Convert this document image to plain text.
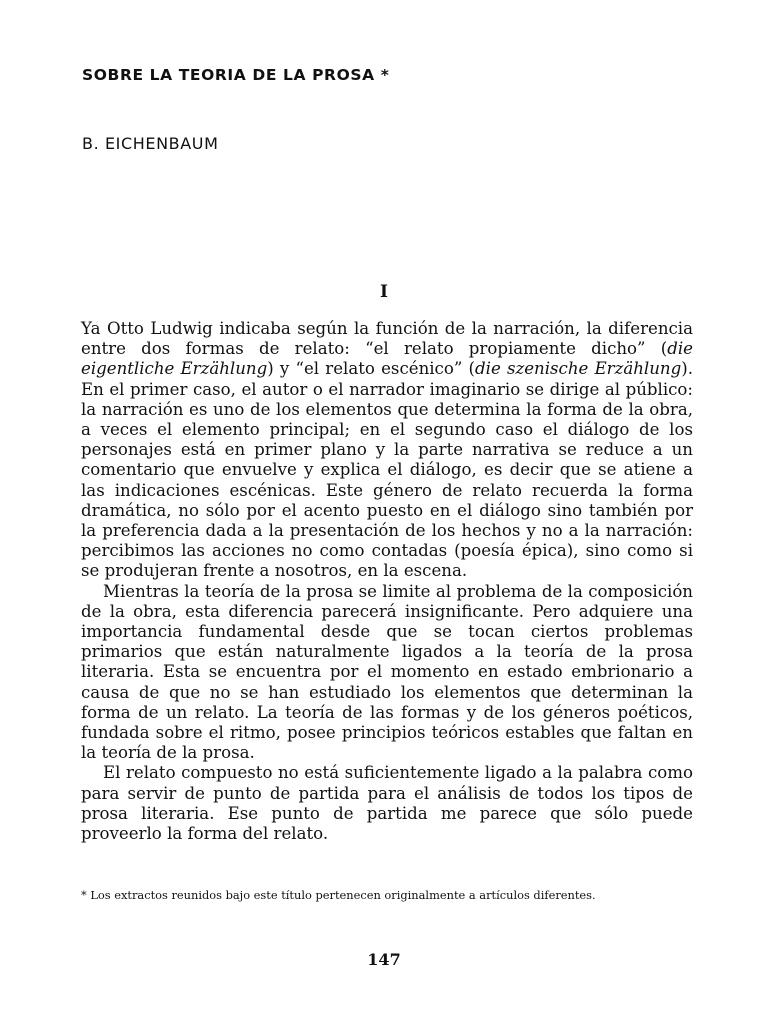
SOBRE LA TEORIA DE LA PROSA *
B. EICHENBAUM
I

Ya Otto Ludwig indicaba según la función de la narración, la diferencia entre dos formas de relato: “el relato propiamente dicho” (die eigentliche Erzählung) y “el relato escénico” (die szenische Erzählung). En el primer caso, el autor o el narrador imaginario se dirige al público: la narración es uno de los elementos que determina la forma de la obra, a veces el elemento principal; en el segundo caso el diálogo de los personajes está en primer plano y la parte narrativa se reduce a un comentario que envuelve y explica el diálogo, es decir que se atiene a las indicaciones escénicas. Este género de relato recuerda la forma dramática, no sólo por el acento puesto en el diálogo sino también por la preferencia dada a la presentación de los hechos y no a la narración: percibimos las acciones no como contadas (poesía épica), sino como si se produjeran frente a nosotros, en la escena.

Mientras la teoría de la prosa se limite al problema de la composición de la obra, esta diferencia parecerá insignificante. Pero adquiere una importancia fundamental desde que se tocan ciertos problemas primarios que están naturalmente ligados a la teoría de la prosa literaria. Esta se encuentra por el momento en estado embrionario a causa de que no se han estudiado los elementos que determinan la forma de un relato. La teoría de las formas y de los géneros poéticos, fundada sobre el ritmo, posee principios teóricos estables que faltan en la teoría de la prosa.

El relato compuesto no está suficientemente ligado a la palabra como para servir de punto de partida para el análisis de todos los tipos de prosa literaria. Ese punto de partida me parece que sólo puede proveerlo la forma del relato.

* Los extractos reunidos bajo este título pertenecen originalmente a artículos diferentes.
147
